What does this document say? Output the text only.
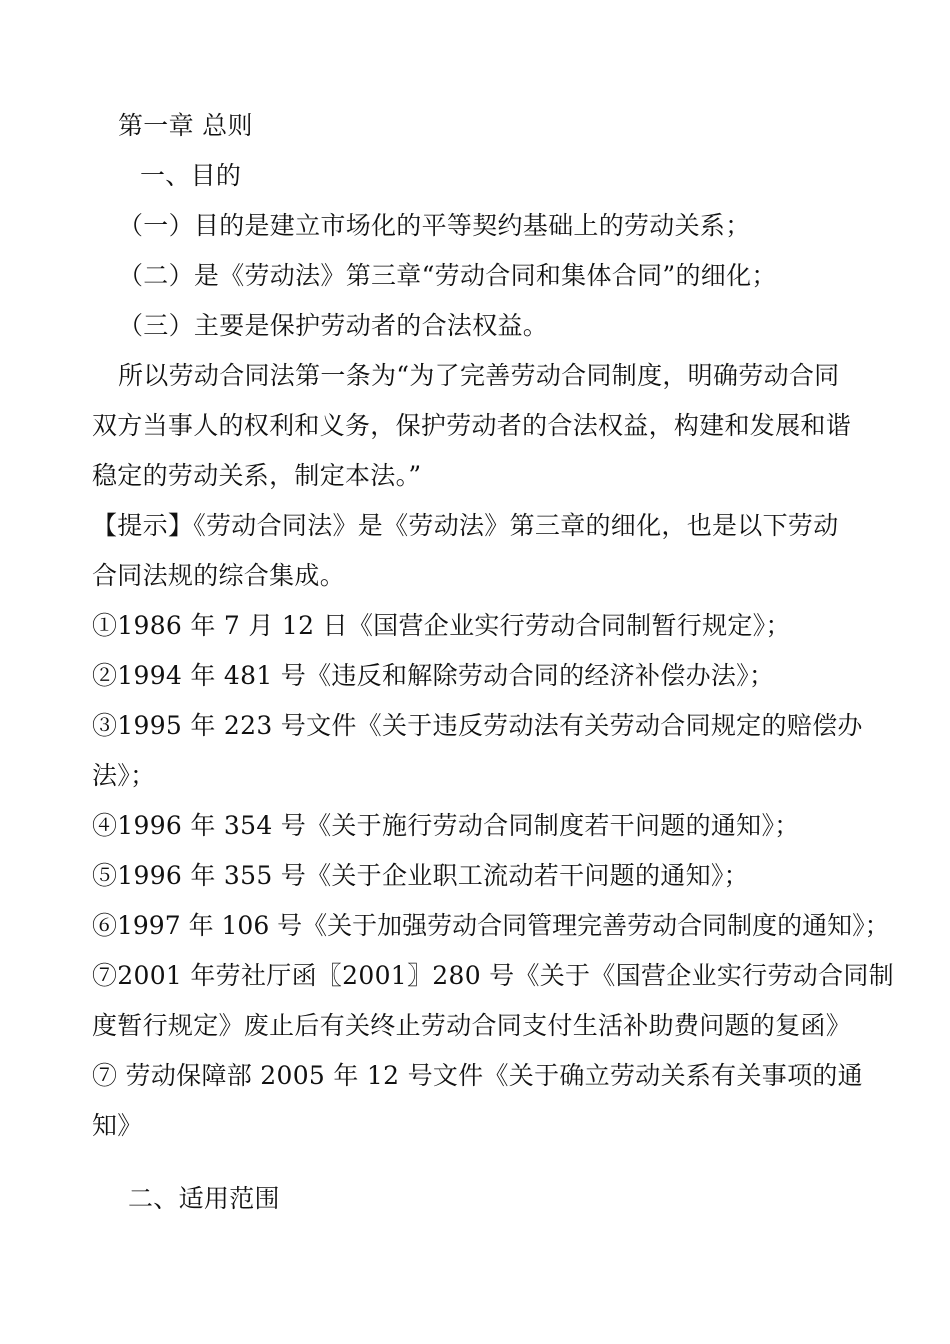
第一章 总则
一、目的
（一）目的是建立市场化的平等契约基础上的劳动关系；
（二）是《劳动法》第三章“劳动合同和集体合同”的细化；
（三）主要是保护劳动者的合法权益。
所以劳动合同法第一条为“为了完善劳动合同制度，明确劳动合同
双方当事人的权利和义务，保护劳动者的合法权益，构建和发展和谐
稳定的劳动关系，制定本法。”
【提示】《劳动合同法》是《劳动法》第三章的细化，也是以下劳动
合同法规的综合集成。
①1986 年 7 月 12 日《国营企业实行劳动合同制暂行规定》；
②1994 年 481 号《违反和解除劳动合同的经济补偿办法》；
③1995 年 223 号文件《关于违反劳动法有关劳动合同规定的赔偿办
法》；
④1996 年 354 号《关于施行劳动合同制度若干问题的通知》；
⑤1996 年 355 号《关于企业职工流动若干问题的通知》；
⑥1997 年 106 号《关于加强劳动合同管理完善劳动合同制度的通知》；
⑦2001 年劳社厅函〖2001〗280 号《关于《国营企业实行劳动合同制
度暂行规定》废止后有关终止劳动合同支付生活补助费问题的复函》
⑦ 劳动保障部 2005 年 12 号文件《关于确立劳动关系有关事项的通
知》
二、适用范围
